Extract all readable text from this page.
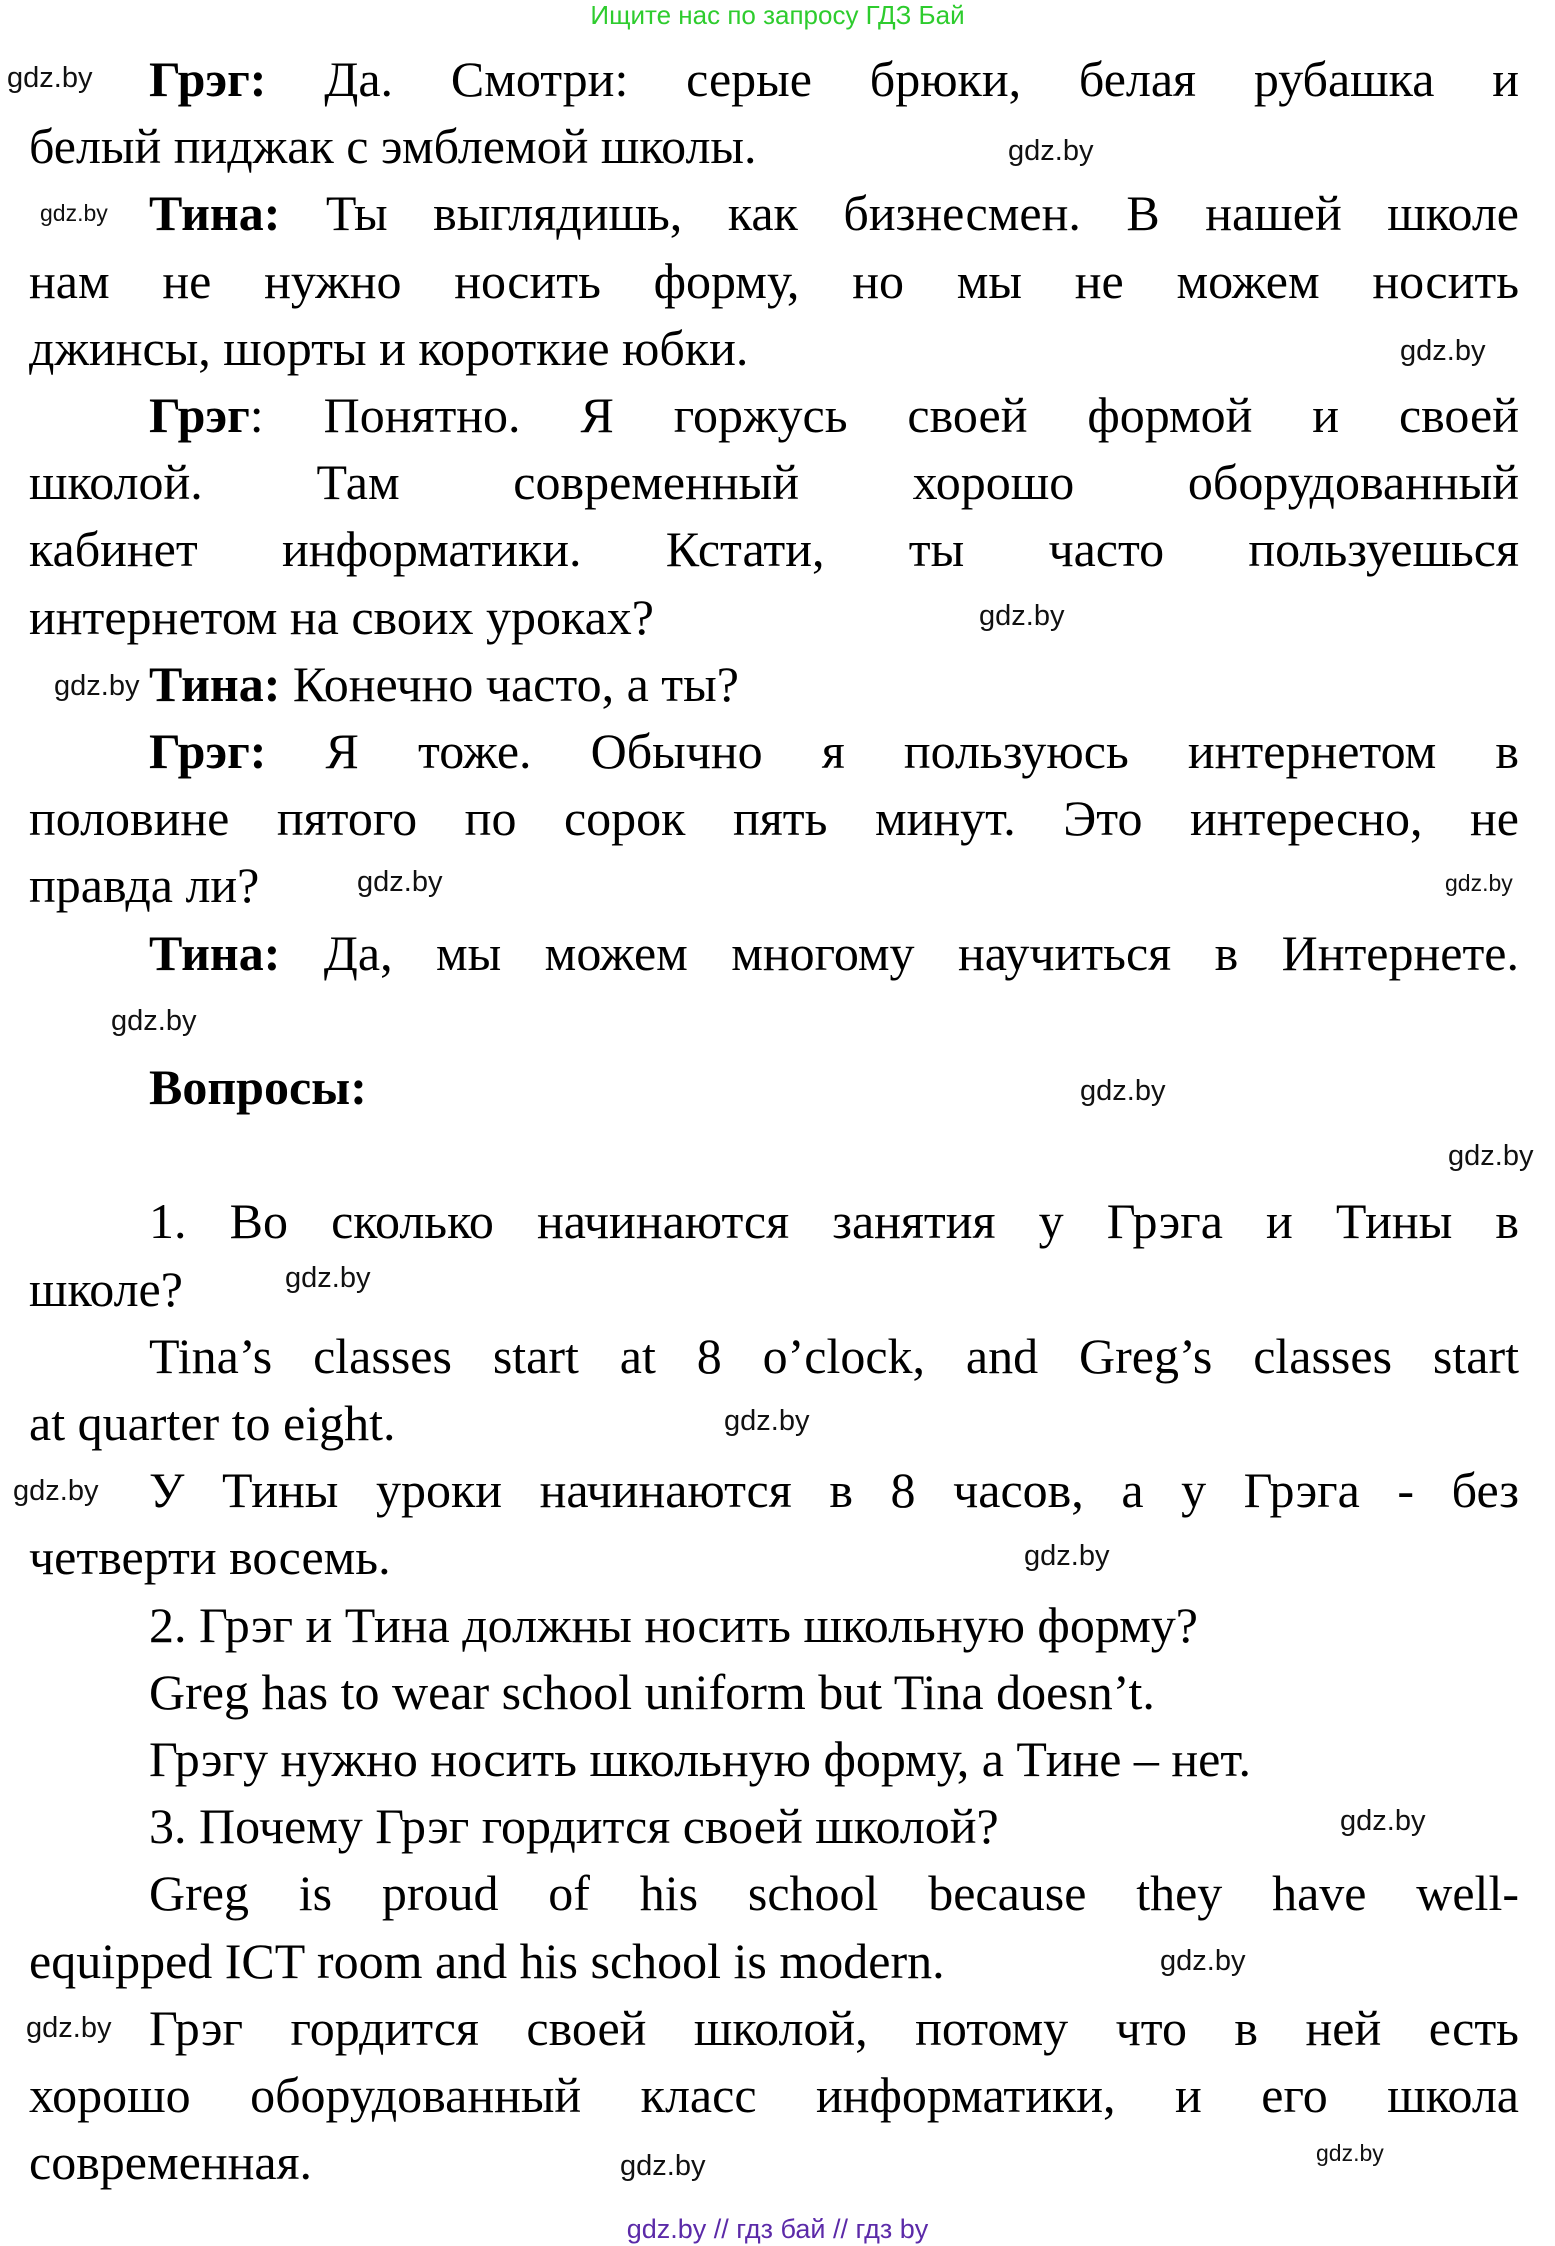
Ищите нас по запросу ГДЗ Бай
Грэг: Да. Смотри: серые брюки, белая рубашка и
белый пиджак с эмблемой школы.
Тина: Ты выглядишь, как бизнесмен. В нашей школе
нам не нужно носить форму, но мы не можем носить
джинсы, шорты и короткие юбки.
Грэг: Понятно. Я горжусь своей формой и своей
школой. Там современный хорошо оборудованный
кабинет информатики. Кстати, ты часто пользуешься
интернетом на своих уроках?
Тина: Конечно часто, а ты?
Грэг: Я тоже. Обычно я пользуюсь интернетом в
половине пятого по сорок пять минут. Это интересно, не
правда ли?
Тина: Да, мы можем многому научиться в Интернете.
Вопросы:
1. Во сколько начинаются занятия у Грэга и Тины в
школе?
Tina’s classes start at 8 o’clock, and Greg’s classes start
at quarter to eight.
У Тины уроки начинаются в 8 часов, а у Грэга - без
четверти восемь.
2. Грэг и Тина должны носить школьную форму?
Greg has to wear school uniform but Tina doesn’t.
Грэгу нужно носить школьную форму, а Тине – нет.
3. Почему Грэг гордится своей школой?
Greg is proud of his school because they have well-
equipped ICT room and his school is modern.
Грэг гордится своей школой, потому что в ней есть
хорошо оборудованный класс информатики, и его школа
современная.
gdz.by
gdz.by
gdz.by
gdz.by
gdz.by
gdz.by
gdz.by
gdz.by
gdz.by
gdz.by
gdz.by
gdz.by
gdz.by
gdz.by
gdz.by
gdz.by
gdz.by
gdz.by
gdz.by
gdz.by
gdz.by // гдз бай // гдз by
